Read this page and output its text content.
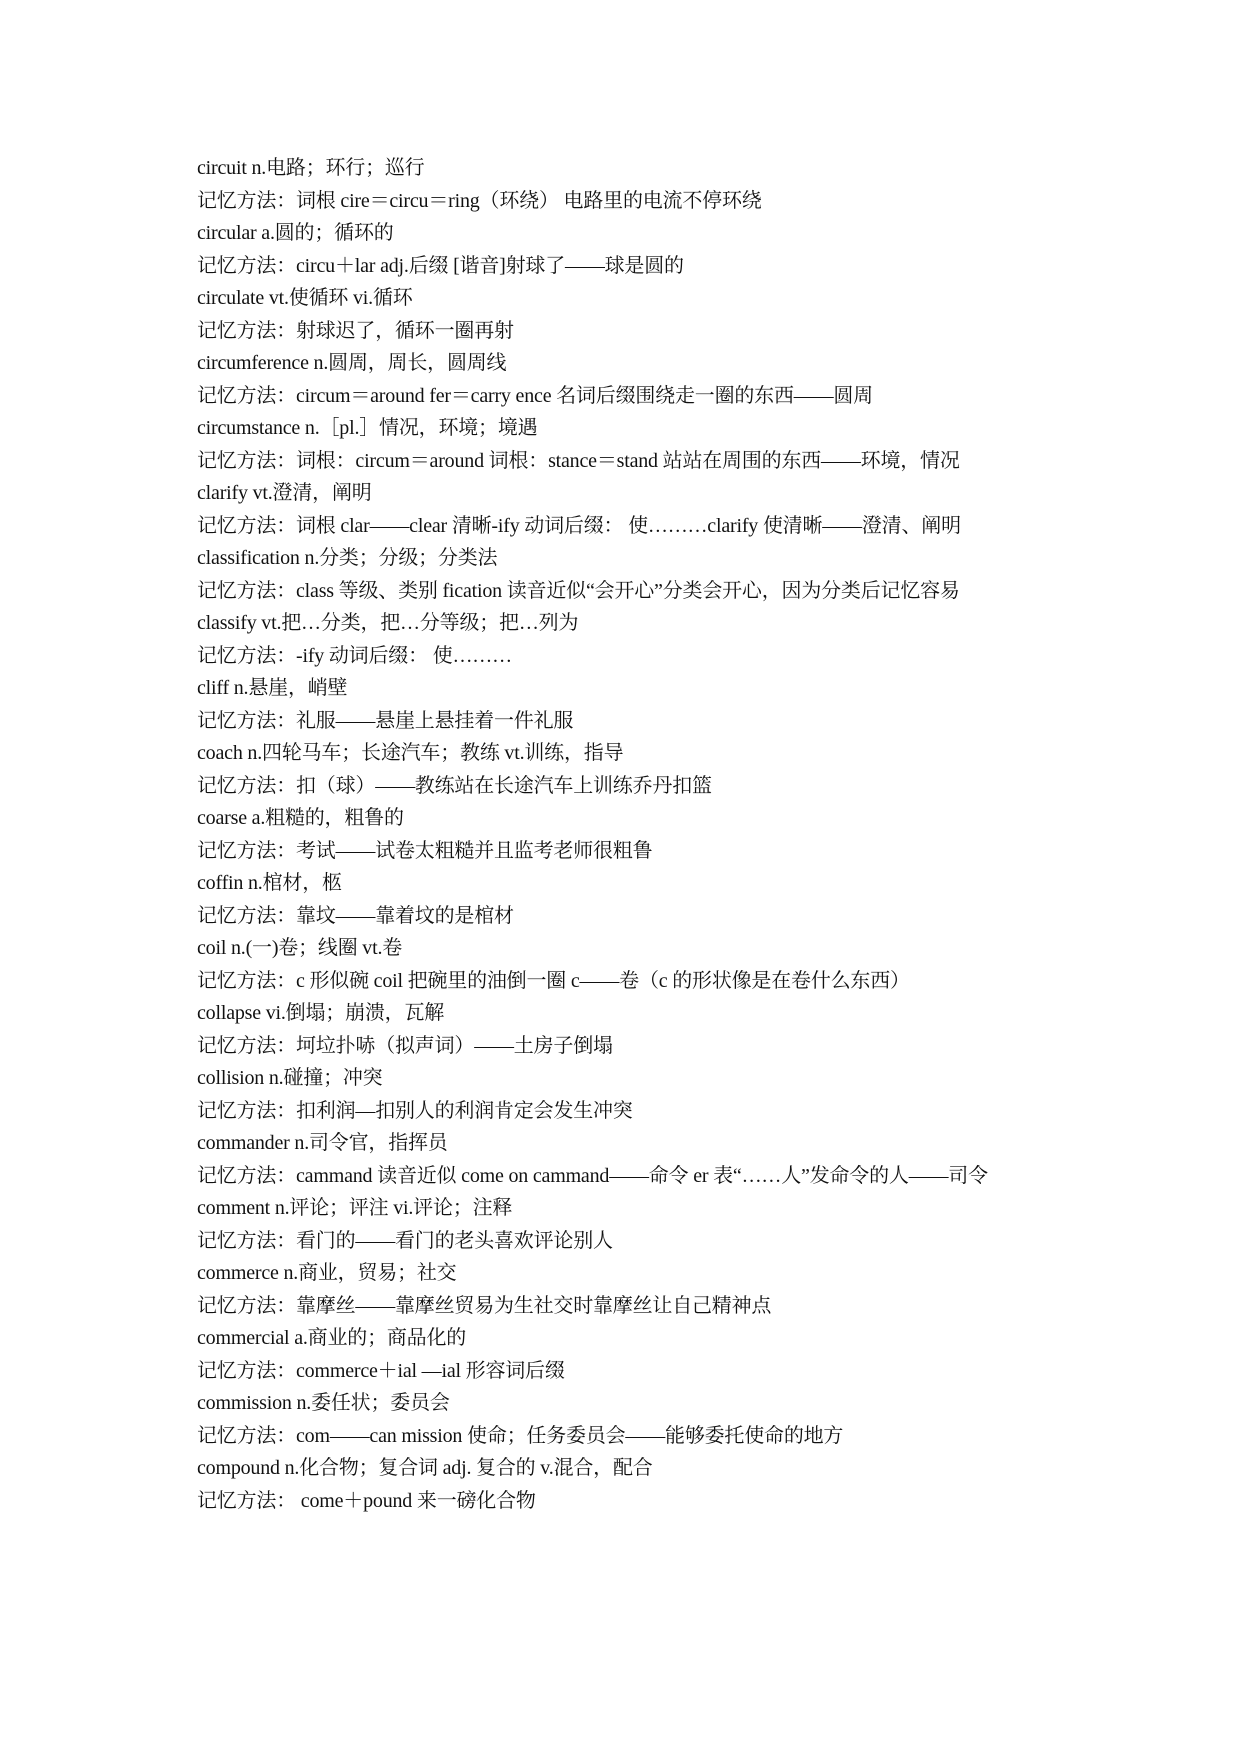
circuit n.电路；环行；巡行
记忆方法：词根 cire＝circu＝ring（环绕） 电路里的电流不停环绕
circular a.圆的；循环的
记忆方法：circu＋lar adj.后缀 [谐音]射球了——球是圆的
circulate vt.使循环 vi.循环
记忆方法：射球迟了，循环一圈再射
circumference n.圆周，周长，圆周线
记忆方法：circum＝around fer＝carry ence 名词后缀围绕走一圈的东西——圆周
circumstance n.［pl.］情况，环境；境遇
记忆方法：词根：circum＝around 词根：stance＝stand 站站在周围的东西——环境，情况
clarify vt.澄清，阐明
记忆方法：词根 clar——clear 清晰-ify 动词后缀： 使………clarify 使清晰——澄清、阐明
classification n.分类；分级；分类法
记忆方法：class 等级、类别 fication 读音近似“会开心”分类会开心，因为分类后记忆容易
classify vt.把…分类，把…分等级；把…列为
记忆方法：-ify 动词后缀： 使………
cliff n.悬崖，峭壁
记忆方法：礼服——悬崖上悬挂着一件礼服
coach n.四轮马车；长途汽车；教练 vt.训练，指导
记忆方法：扣（球）——教练站在长途汽车上训练乔丹扣篮
coarse a.粗糙的，粗鲁的
记忆方法：考试——试卷太粗糙并且监考老师很粗鲁
coffin n.棺材，柩
记忆方法：靠坟——靠着坟的是棺材
coil n.(一)卷；线圈 vt.卷
记忆方法：c 形似碗 coil 把碗里的油倒一圈 c——卷（c 的形状像是在卷什么东西）
collapse vi.倒塌；崩溃，瓦解
记忆方法：坷垃扑哧（拟声词）——土房子倒塌
collision n.碰撞；冲突
记忆方法：扣利润—扣别人的利润肯定会发生冲突
commander n.司令官，指挥员
记忆方法：cammand 读音近似 come on cammand——命令 er 表“……人”发命令的人——司令
comment n.评论；评注 vi.评论；注释
记忆方法：看门的——看门的老头喜欢评论别人
commerce n.商业，贸易；社交
记忆方法：靠摩丝——靠摩丝贸易为生社交时靠摩丝让自己精神点
commercial a.商业的；商品化的
记忆方法：commerce＋ial —ial 形容词后缀
commission n.委任状；委员会
记忆方法：com——can mission 使命；任务委员会——能够委托使命的地方
compound n.化合物；复合词 adj. 复合的 v.混合，配合
记忆方法： come＋pound 来一磅化合物
